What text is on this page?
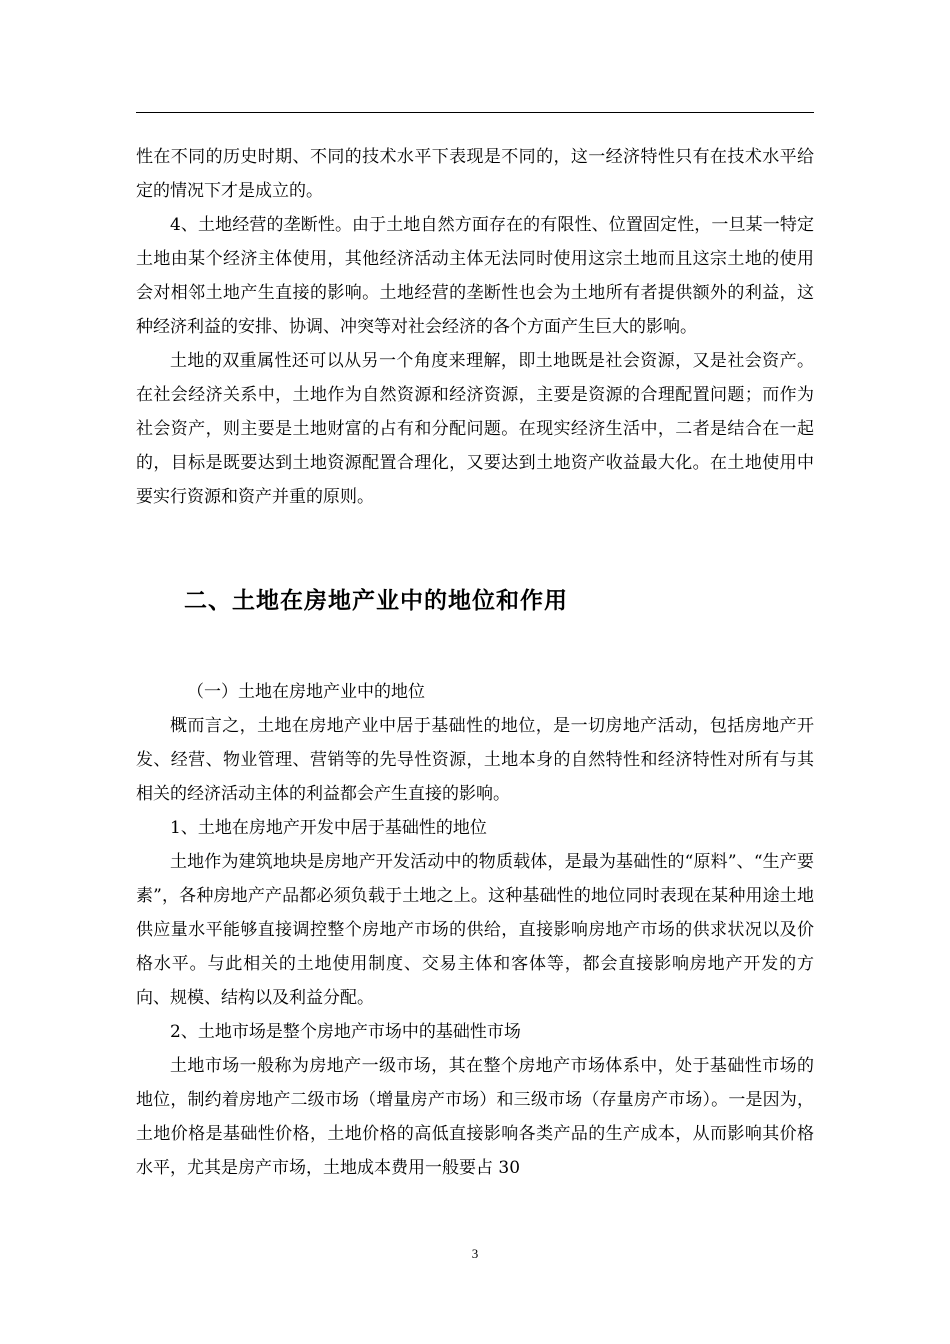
性在不同的历史时期、不同的技术水平下表现是不同的，这一经济特性只有在技术水平给定的情况下才是成立的。

4、土地经营的垄断性。由于土地自然方面存在的有限性、位置固定性，一旦某一特定土地由某个经济主体使用，其他经济活动主体无法同时使用这宗土地而且这宗土地的使用会对相邻土地产生直接的影响。土地经营的垄断性也会为土地所有者提供额外的利益，这种经济利益的安排、协调、冲突等对社会经济的各个方面产生巨大的影响。

土地的双重属性还可以从另一个角度来理解，即土地既是社会资源，又是社会资产。在社会经济关系中，土地作为自然资源和经济资源，主要是资源的合理配置问题；而作为社会资产，则主要是土地财富的占有和分配问题。在现实经济生活中，二者是结合在一起的，目标是既要达到土地资源配置合理化，又要达到土地资产收益最大化。在土地使用中要实行资源和资产并重的原则。

二、土地在房地产业中的地位和作用

（一）土地在房地产业中的地位

概而言之，土地在房地产业中居于基础性的地位，是一切房地产活动，包括房地产开发、经营、物业管理、营销等的先导性资源，土地本身的自然特性和经济特性对所有与其相关的经济活动主体的利益都会产生直接的影响。

1、土地在房地产开发中居于基础性的地位

土地作为建筑地块是房地产开发活动中的物质载体，是最为基础性的“原料”、“生产要素”，各种房地产产品都必须负载于土地之上。这种基础性的地位同时表现在某种用途土地供应量水平能够直接调控整个房地产市场的供给，直接影响房地产市场的供求状况以及价格水平。与此相关的土地使用制度、交易主体和客体等，都会直接影响房地产开发的方向、规模、结构以及利益分配。

2、土地市场是整个房地产市场中的基础性市场

土地市场一般称为房地产一级市场，其在整个房地产市场体系中，处于基础性市场的地位，制约着房地产二级市场（增量房产市场）和三级市场（存量房产市场）。一是因为，土地价格是基础性价格，土地价格的高低直接影响各类产品的生产成本，从而影响其价格水平，尤其是房产市场，土地成本费用一般要占 30

3
